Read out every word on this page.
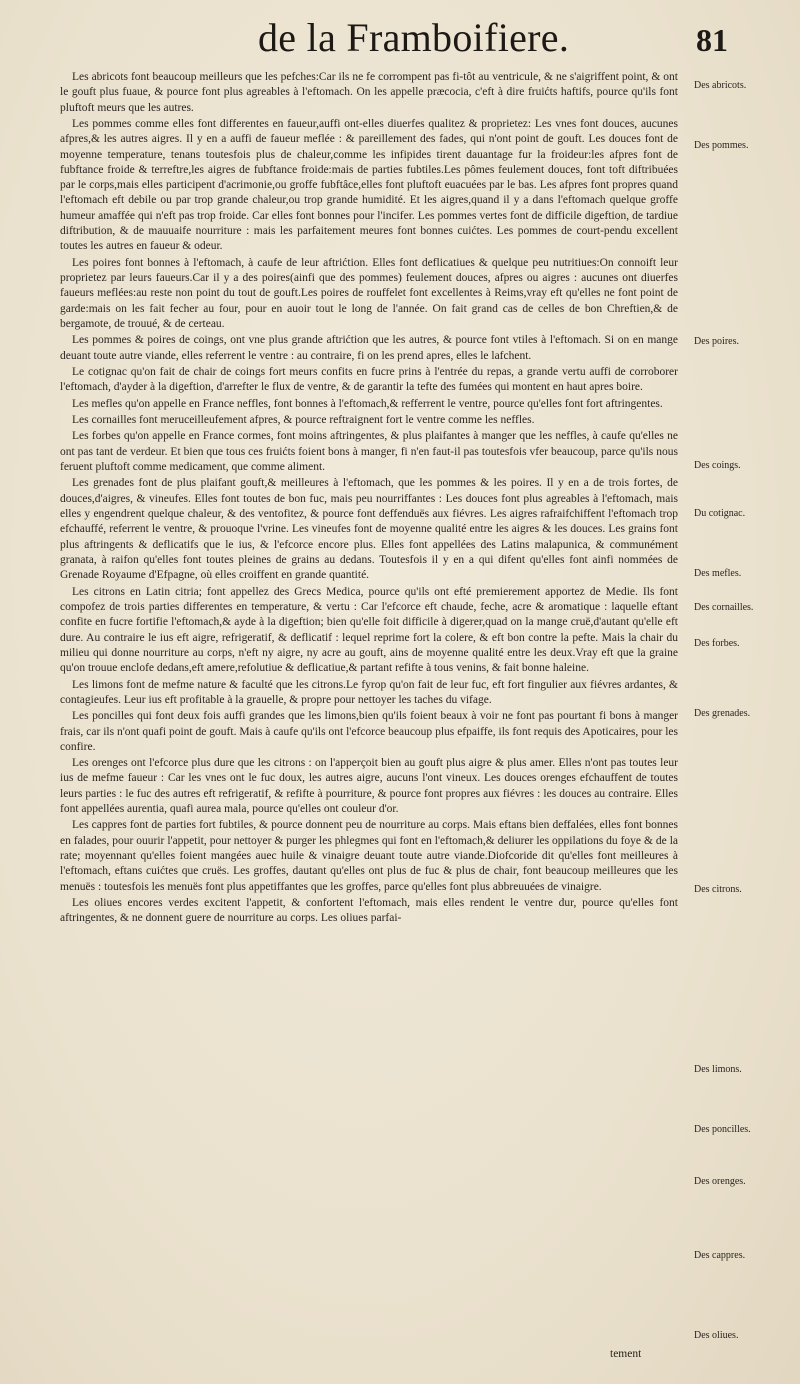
de la Framboifiere.	81

Les abricots font beaucoup meilleurs que les pefches:Car ils ne fe corrompent pas fi-tôt au ventricule, & ne s'aigriffent point, & ont le gouft plus fuaue, & pource font plus agreables à l'eftomach. On les appelle præcocia, c'eft à dire fruićts haftifs, pource qu'ils font pluftoft meurs que les autres.

Les pommes comme elles font differentes en faueur,auffi ont-elles diuerfes qualitez & proprietez: Les vnes font douces, aucunes afpres,& les autres aigres. Il y en a auffi de faueur meflée : & pareillement des fades, qui n'ont point de gouft. Les douces font de moyenne temperature, tenans toutesfois plus de chaleur,comme les infipides tirent dauantage fur la froideur:les afpres font de fubftance froide & terreftre,les aigres de fubftance froide:mais de parties fubtiles.Les pômes feulement douces, font toft diftribuées par le corps,mais elles participent d'acrimonie,ou groffe fubftâce,elles font pluftoft euacuées par le bas. Les afpres font propres quand l'eftomach eft debile ou par trop grande chaleur,ou trop grande humidité. Et les aigres,quand il y a dans l'eftomach quelque groffe humeur amaffée qui n'eft pas trop froide. Car elles font bonnes pour l'incifer. Les pommes vertes font de difficile digeftion, de tardiue diftribution, & de mauuaife nourriture : mais les parfaitement meures font bonnes cuićtes. Les pommes de court-pendu excellent toutes les autres en faueur & odeur.

Les poires font bonnes à l'eftomach, à caufe de leur aftrićtion. Elles font deflicatiues & quelque peu nutritiues:On connoift leur proprietez par leurs faueurs.Car il y a des poires(ainfi que des pommes) feulement douces, afpres ou aigres : aucunes ont diuerfes faueurs meflées:au reste non point du tout de gouft.Les poires de rouffelet font excellentes à Reims,vray eft qu'elles ne font point de garde:mais on les fait fecher au four, pour en auoir tout le long de l'année. On fait grand cas de celles de bon Chreftien,& de bergamote, de trouué, & de certeau.

Les pommes & poires de coings, ont vne plus grande aftrićtion que les autres, & pource font vtiles à l'eftomach. Si on en mange deuant toute autre viande, elles referrent le ventre : au contraire, fi on les prend apres, elles le lafchent.

Le cotignac qu'on fait de chair de coings fort meurs confits en fucre prins à l'entrée du repas, a grande vertu auffi de corroborer l'eftomach, d'ayder à la digeftion, d'arrefter le flux de ventre, & de garantir la tefte des fumées qui montent en haut apres boire.

Les mefles qu'on appelle en France neffles, font bonnes à l'eftomach,& refferrent le ventre, pource qu'elles font fort aftringentes.

Les cornailles font meruceilleufement afpres, & pource reftraignent fort le ventre comme les neffles.

Les forbes qu'on appelle en France cormes, font moins aftringentes, & plus plaifantes à manger que les neffles, à caufe qu'elles ne ont pas tant de verdeur. Et bien que tous ces fruićts foient bons à manger, fi n'en faut-il pas toutesfois vfer beaucoup, parce qu'ils nous feruent pluftoft comme medicament, que comme aliment.

Les grenades font de plus plaifant gouft,& meilleures à l'eftomach, que les pommes & les poires. Il y en a de trois fortes, de douces,d'aigres, & vineufes. Elles font toutes de bon fuc, mais peu nourriffantes : Les douces font plus agreables à l'eftomach, mais elles y engendrent quelque chaleur, & des ventofitez, & pource font deffenduës aux fiévres. Les aigres rafraifchiffent l'eftomach trop efchauffé, referrent le ventre, & prouoque l'vrine. Les vineufes font de moyenne qualité entre les aigres & les douces. Les grains font plus aftringents & deflicatifs que le ius, & l'efcorce encore plus. Elles font appellées des Latins malapunica, & communément granata, à raifon qu'elles font toutes pleines de grains au dedans. Toutesfois il y en a qui difent qu'elles font ainfi nommées de Grenade Royaume d'Efpagne, où elles croiffent en grande quantité.

Les citrons en Latin citria; font appellez des Grecs Medica, pource qu'ils ont efté premierement apportez de Medie. Ils font compofez de trois parties differentes en temperature, & vertu : Car l'efcorce eft chaude, feche, acre & aromatique : laquelle eftant confite en fucre fortifie l'eftomach,& ayde à la digeftion; bien qu'elle foit difficile à digerer,quad on la mange cruë,d'autant qu'elle eft dure. Au contraire le ius eft aigre, refrigeratif, & deflicatif : lequel reprime fort la colere, & eft bon contre la pefte. Mais la chair du milieu qui donne nourriture au corps, n'eft ny aigre, ny acre au gouft, ains de moyenne qualité entre les deux.Vray eft que la graine qu'on trouue enclofe dedans,eft amere,refolutiue & deflicatiue,& partant refifte à tous venins, & fait bonne haleine.

Les limons font de mefme nature & faculté que les citrons.Le fyrop qu'on fait de leur fuc, eft fort fingulier aux fiévres ardantes, & contagieufes. Leur ius eft profitable à la grauelle, & propre pour nettoyer les taches du vifage.

Les poncilles qui font deux fois auffi grandes que les limons,bien qu'ils foient beaux à voir ne font pas pourtant fi bons à manger frais, car ils n'ont quafi point de gouft. Mais à caufe qu'ils ont l'efcorce beaucoup plus efpaiffe, ils font requis des Apoticaires, pour les confire.

Les orenges ont l'efcorce plus dure que les citrons : on l'apperçoit bien au gouft plus aigre & plus amer. Elles n'ont pas toutes leur ius de mefme faueur : Car les vnes ont le fuc doux, les autres aigre, aucuns l'ont vineux. Les douces orenges efchauffent de toutes leurs parties : le fuc des autres eft refrigeratif, & refifte à pourriture, & pource font propres aux fiévres : les douces au contraire. Elles font appellées aurentia, quafi aurea mala, pource qu'elles ont couleur d'or.

Les cappres font de parties fort fubtiles, & pource donnent peu de nourriture au corps. Mais eftans bien deffalées, elles font bonnes en falades, pour ouurir l'appetit, pour nettoyer & purger les phlegmes qui font en l'eftomach,& deliurer les oppilations du foye & de la rate; moyennant qu'elles foient mangées auec huile & vinaigre deuant toute autre viande.Diofcoride dit qu'elles font meilleures à l'eftomach, eftans cuićtes que cruës. Les groffes, dautant qu'elles ont plus de fuc & plus de chair, font beaucoup meilleures que les menuës : toutesfois les menuës font plus appetiffantes que les groffes, parce qu'elles font plus abbreuuées de vinaigre.

Les oliues encores verdes excitent l'appetit, & confortent l'eftomach, mais elles rendent le ventre dur, pource qu'elles font aftringentes, & ne donnent guere de nourriture au corps. Les oliues parfai-

Des abricots.
Des pommes.
Des poires.
Des coings.
Du cotignac.
Des mefles.
Des cornailles.
Des forbes.
Des grenades.
Des citrons.
Des limons.
Des poncilles.
Des orenges.
Des cappres.
Des oliues.
tement
